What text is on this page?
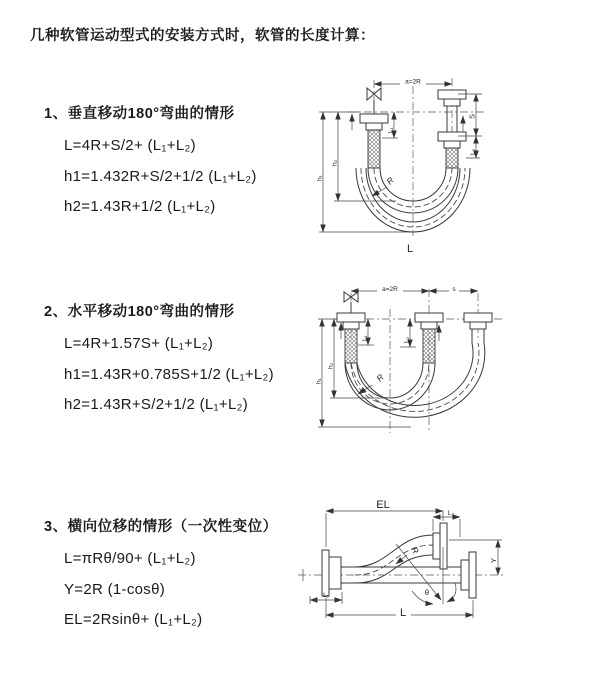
几种软管运动型式的安装方式时，软管的长度计算：
1、垂直移动180°弯曲的情形
L=4R+S/2+ (L₁+L₂)
h1=1.432R+S/2+1/2 (L₁+L₂)
h2=1.43R+1/2 (L₁+L₂)
2、水平移动180°弯曲的情形
L=4R+1.57S+ (L₁+L₂)
h1=1.43R+0.785S+1/2 (L₁+L₂)
h2=1.43R+S/2+1/2 (L₁+L₂)
3、横向位移的情形（一次性变位）
L=πRθ/90+ (L₁+L₂)
Y=2R (1-cosθ)
EL=2Rsinθ+ (L₁+L₂)
a=2R
L₁
S
L₂
h₂
h₁	R
L
a=2R	s
h₂
h₁
L₁	L₂
R
θ
EL
L₂
Y
R
L₁
L
